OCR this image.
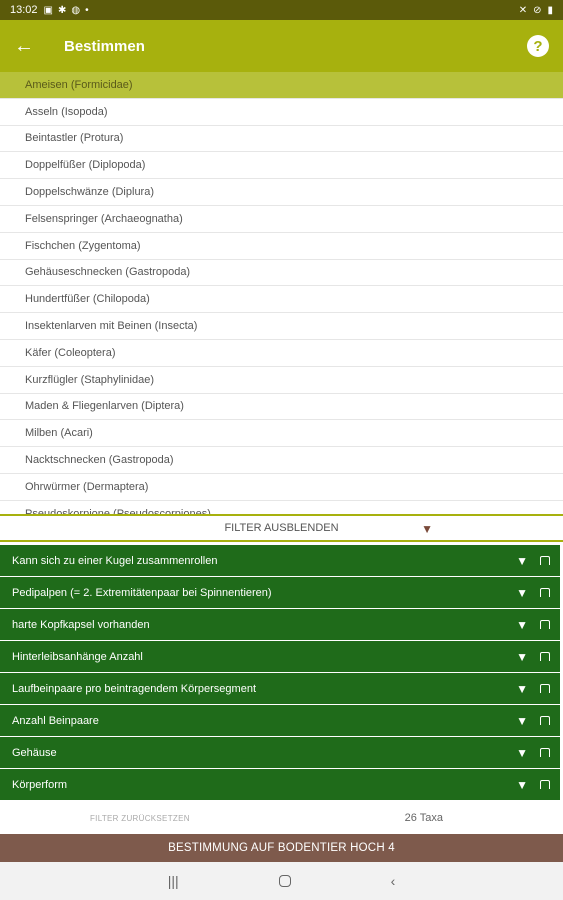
13:02 ▣ ✱ ◍ •	✕ ⊘ ▮
←	Bestimmen	?
Ameisen (Formicidae)
Asseln (Isopoda)
Beintastler (Protura)
Doppelfüßer (Diplopoda)
Doppelschwänze (Diplura)
Felsenspringer (Archaeognatha)
Fischchen (Zygentoma)
Gehäuseschnecken (Gastropoda)
Hundertfüßer (Chilopoda)
Insektenlarven mit Beinen (Insecta)
Käfer (Coleoptera)
Kurzflügler (Staphylinidae)
Maden & Fliegenlarven (Diptera)
Milben (Acari)
Nacktschnecken (Gastropoda)
Ohrwürmer (Dermaptera)
FILTER AUSBLENDEN	▼
Kann sich zu einer Kugel zusammenrollen	▼
Pedipalpen (= 2. Extremitätenpaar bei Spinnentieren)	▼
harte Kopfkapsel vorhanden	▼
Hinterleibsanhänge Anzahl	▼
Laufbeinpaare pro beintragendem Körpersegment	▼
Anzahl Beinpaare	▼
Gehäuse	▼
Körperform	▼
FILTER ZURÜCKSETZEN	26 Taxa
BESTIMMUNG AUF BODENTIER HOCH 4
|||	‹
